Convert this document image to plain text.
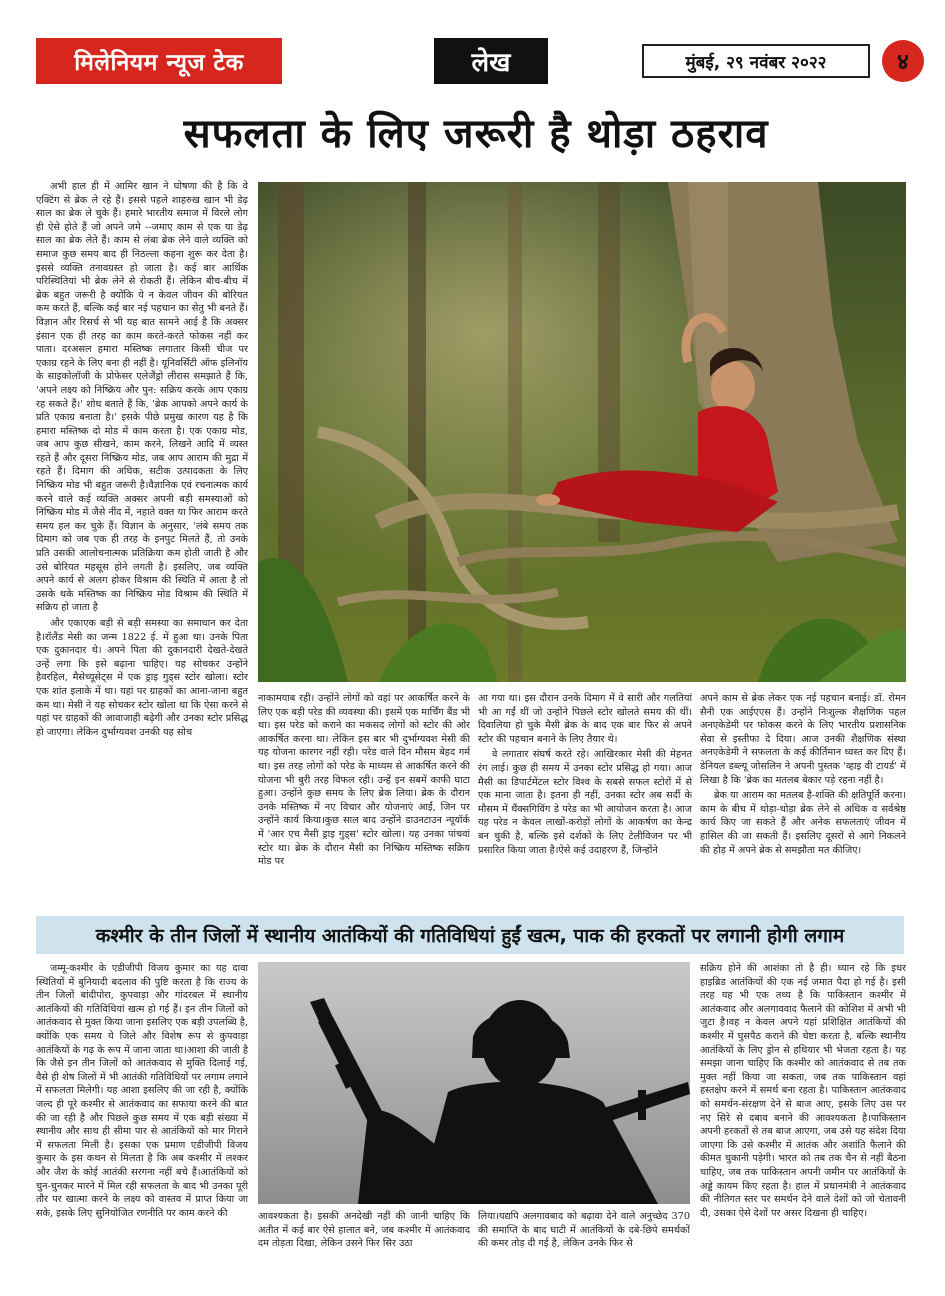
मिलेनियम न्यूज टेक	लेख	मुंबई, २९ नवंबर २०२२	४
सफलता के लिए जरूरी है थोड़ा ठहराव

अभी हाल ही में आमिर खान ने घोषणा की है कि वे एक्टिंग से ब्रेक ले रहे हैं। इससे पहले शाहरुख खान भी डेढ़ साल का ब्रेक ले चुके हैं। हमारे भारतीय समाज में विरले लोग ही ऐसे होते हैं जो अपने जमे --जमाए काम से एक या डेढ़ साल का ब्रेक लेते हैं। काम से लंबा ब्रेक लेने वाले व्यक्ति को समाज कुछ समय बाद ही निठल्ला कहना शुरू कर देता है। इससे व्यक्ति तनावग्रस्त हो जाता है। कई बार आर्थिक परिस्थितियां भी ब्रेक लेने से रोकती हैं। लेकिन बीच-बीच में ब्रेक बहुत जरूरी है क्योंकि ये न केवल जीवन की बोरियत कम करते हैं, बल्कि कई बार नई पहचान का सेतु भी बनते हैं।विज्ञान और रिसर्च से भी यह बात सामने आई है कि अक्सर इंसान एक ही तरह का काम करते-करते फोकस नहीं कर पाता। दरअसल हमारा मस्तिष्क लगातार किसी चीज पर एकाग्र रहने के लिए बना ही नहीं है। यूनिवर्सिटी ऑफ इलिनॉय के साइकोलॉजी के प्रोफेसर एलेजैंड्रो लीरास समझाते हैं कि, 'अपने लक्ष्य को निष्क्रिय और पुन: सक्रिय करके आप एकाग्र रह सकते हैं।' शोध बताते हैं कि, 'ब्रेक आपको अपने कार्य के प्रति एकाग्र बनाता है।' इसके पीछे प्रमुख कारण यह है कि हमारा मस्तिष्क दो मोड में काम करता है। एक एकाग्र मोड, जब आप कुछ सीखने, काम करने, लिखने आदि में व्यस्त रहते हैं और दूसरा निष्क्रिय मोड, जब आप आराम की मुद्रा में रहते हैं। दिमाग की अधिक, सटीक उत्पादकता के लिए निष्क्रिय मोड भी बहुत जरूरी है।वैज्ञानिक एवं रचनात्मक कार्य करने वाले कई व्यक्ति अक्सर अपनी बड़ी समस्याओं को निष्क्रिय मोड में जैसे नींद में, नहाते वक्त या फिर आराम करते समय हल कर चुके हैं। विज्ञान के अनुसार, 'लंबे समय तक दिमाग को जब एक ही तरह के इनपुट मिलते हैं, तो उनके प्रति उसकी आलोचनात्मक प्रतिक्रिया कम होती जाती है और उसे बोरियत महसूस होने लगती है। इसलिए, जब व्यक्ति अपने कार्य से अलग होकर विश्राम की स्थिति में आता है तो उसके थके मस्तिष्क का निष्क्रिय मोड विश्राम की स्थिति में सक्रिय हो जाता है

और एकाएक बड़ी से बड़ी समस्या का समाधान कर देता है।रॉलैंड मेसी का जन्म 1822 ई. में हुआ था। उनके पिता एक दुकानदार थे। अपने पिता की दुकानदारी देखते-देखते उन्हें लगा कि इसे बढ़ाना चाहिए। यह सोचकर उन्होंने हैवरहिल, मैसेच्यूसेट्स में एक ड्राइ गुड्स स्टोर खोला। स्टोर एक शांत इलाके में था। यहां पर ग्राहकों का आना-जाना बहुत कम था। मेसी ने यह सोचकर स्टोर खोला था कि ऐसा करने से यहां पर ग्राहकों की आवाजाही बढ़ेगी और उनका स्टोर प्रसिद्ध हो जाएगा। लेकिन दुर्भाग्यवश उनकी यह सोच

नाकामयाब रही। उन्होंने लोगों को वहां पर आकर्षित करने के लिए एक बड़ी परेड की व्यवस्था की। इसमें एक मार्चिंग बैंड भी था। इस परेड को कराने का मकसद लोगों को स्टोर की ओर आकर्षित करना था। लेकिन इस बार भी दुर्भाग्यवश मेसी की यह योजना कारगर नहीं रही। परेड वाले दिन मौसम बेहद गर्म था। इस तरह लोगों को परेड के माध्यम से आकर्षित करने की योजना भी बुरी तरह विफल रही। उन्हें इन सबमें काफी घाटा हुआ। उन्होंने कुछ समय के लिए ब्रेक लिया। ब्रेक के दौरान उनके मस्तिष्क में नए विचार और योजनाएं आईं, जिन पर उन्होंने कार्य किया।कुछ साल बाद उन्होंने डाउनटाउन न्यूयॉर्क में 'आर एच मैसी ड्राइ गुड्स' स्टोर खोला। यह उनका पांचवां स्टोर था। ब्रेक के दौरान मैसी का निष्क्रिय मस्तिष्क सक्रिय मोड पर

आ गया था। इस दौरान उनके दिमाग में वे सारी और गलतियां भी आ गईं थीं जो उन्होंने पिछले स्टोर खोलते समय की थीं। दिवालिया हो चुके मैसी ब्रेक के बाद एक बार फिर से अपने स्टोर की पहचान बनाने के लिए तैयार थे।

वे लगातार संघर्ष करते रहे। आखिरकार मेसी की मेहनत रंग लाई। कुछ ही समय में उनका स्टोर प्रसिद्ध हो गया। आज मैसी का डिपार्टमेंटल स्टोर विश्व के सबसे सफल स्टोरों में से एक माना जाता है। इतना ही नहीं, उनका स्टोर अब सर्दी के मौसम में थैंक्सगिविंग डे परेड का भी आयोजन करता है। आज यह परेड न केवल लाखों-करोड़ों लोगों के आकर्षण का केन्द्र बन चुकी है, बल्कि इसे दर्शकों के लिए टेलीविजन पर भी प्रसारित किया जाता है।ऐसे कई उदाहरण हैं, जिन्होंने

अपने काम से ब्रेक लेकर एक नई पहचान बनाई। डॉ. रोमन सैनी एक आईएएस हैं। उन्होंने निःशुल्क शैक्षणिक पहल अनएकेडेमी पर फोकस करने के लिए भारतीय प्रशासनिक सेवा से इस्तीफा दे दिया। आज उनकी शैक्षणिक संस्था अनएकेडेमी ने सफलता के कई कीर्तिमान ध्वस्त कर दिए हैं।डेनियल डब्ल्यू जोसलिन ने अपनी पुस्तक 'व्हाइ वी टायर्ड' में लिखा है कि 'ब्रेक का मतलब बेकार पड़े रहना नहीं है।

ब्रेक या आराम का मतलब है-शक्ति की क्षतिपूर्ति करना। काम के बीच में थोड़ा-थोड़ा ब्रेक लेने से अधिक व सर्वश्रेष्ठ कार्य किए जा सकते हैं और अनेक सफलताएं जीवन में हासिल की जा सकती हैं। इसलिए दूसरों से आगे निकलने की होड़ में अपने ब्रेक से समझौता मत कीजिए।

कश्मीर के तीन जिलों में स्थानीय आतंकियों की गतिविधियां हुईं खत्म, पाक की हरकतों पर लगानी होगी लगाम

जम्मू-कश्मीर के एडीजीपी विजय कुमार का यह दावा स्थितियों में बुनियादी बदलाव की पुष्टि करता है कि राज्य के तीन जिलों बांदीपोरा, कुपवाड़ा और गांदरबल में स्थानीय आतंकियों की गतिविधियां खत्म हो गई हैं। इन तीन जिलों को आतंकवाद से मुक्त किया जाना इसलिए एक बड़ी उपलब्धि है, क्योंकि एक समय ये जिले और विशेष रूप से कुपवाड़ा आतंकियों के गढ़ के रूप में जाना जाता था।आशा की जाती है कि जैसे इन तीन जिलों को आतंकवाद से मुक्ति दिलाई गई, वैसे ही शेष जिलों में भी आतंकी गतिविधियों पर लगाम लगाने में सफलता मिलेगी। यह आशा इसलिए की जा रही है, क्योंकि जल्द ही पूरे कश्मीर से आतंकवाद का सफाया करने की बात की जा रही है और पिछले कुछ समय में एक बड़ी संख्या में स्थानीय और साथ ही सीमा पार से आतंकियों को मार गिराने में सफलता मिली है। इसका एक प्रमाण एडीजीपी विजय कुमार के इस कथन से मिलता है कि अब कश्मीर में लश्कर और जैश के कोई आतंकी सरगना नहीं बचे हैं।आतंकियों को चुन-चुनकर मारने में मिल रही सफलता के बाद भी उनका पूरी तौर पर खात्मा करने के लक्ष्य को वास्तव में प्राप्त किया जा सके, इसके लिए सुनियोजित रणनीति पर काम करने की	आवश्यकता है। इसकी अनदेखी नहीं की जानी चाहिए कि अतीत में कई बार ऐसे हालात बने, जब कश्मीर में आतंकवाद दम तोड़ता दिखा, लेकिन उसने फिर सिर उठा

लिया।यद्यपि अलगावबाद को बढ़ावा देने वाले अनुच्छेद 370 की समाप्ति के बाद घाटी में आतंकियों के दबे-छिपे समर्थकों की कमर तोड़ दी गई है, लेकिन उनके फिर से

सक्रिय होने की आशंका तो है ही। ध्यान रहे कि इधर हाइब्रिड आतंकियों की एक नई जमात पैदा हो गई है। इसी तरह यह भी एक तथ्य है कि पाकिस्तान कश्मीर में आतंकवाद और अलगाववाद फैलाने की कोशिश में अभी भी जुटा है।वह न केवल अपने यहां प्रशिक्षित आतंकियों की कश्मीर में घुसपैठ कराने की चेष्टा करता है, बल्कि स्थानीय आतंकियों के लिए ड्रोन से हथियार भी भेजता रहता है। यह समझा जाना चाहिए कि कश्मीर को आतंकवाद से तब तक मुक्त नहीं किया जा सकता, जब तक पाकिस्तान वहां हस्तक्षेप करने में समर्थ बना रहता है। पाकिस्तान आतंकवाद को समर्थन-संरक्षण देने से बाज आए, इसके लिए उस पर नए सिरे से दबाव बनाने की आवश्यकता है।पाकिस्तान अपनी हरकतों से तब बाज आएगा, जब उसे यह संदेश दिया जाएगा कि उसे कश्मीर में आतंक और अशांति फैलाने की कीमत चुकानी पड़ेगी। भारत को तब तक चैन से नहीं बैठना चाहिए, जब तक पाकिस्तान अपनी जमीन पर आतंकियों के अड्डे कायम किए रहता है। हाल में प्रधानमंत्री ने आतंकवाद की नीतिगत स्तर पर समर्थन देने वाले देशों को जो चेतावनी दी, उसका ऐसे देशों पर असर दिखना ही चाहिए।
